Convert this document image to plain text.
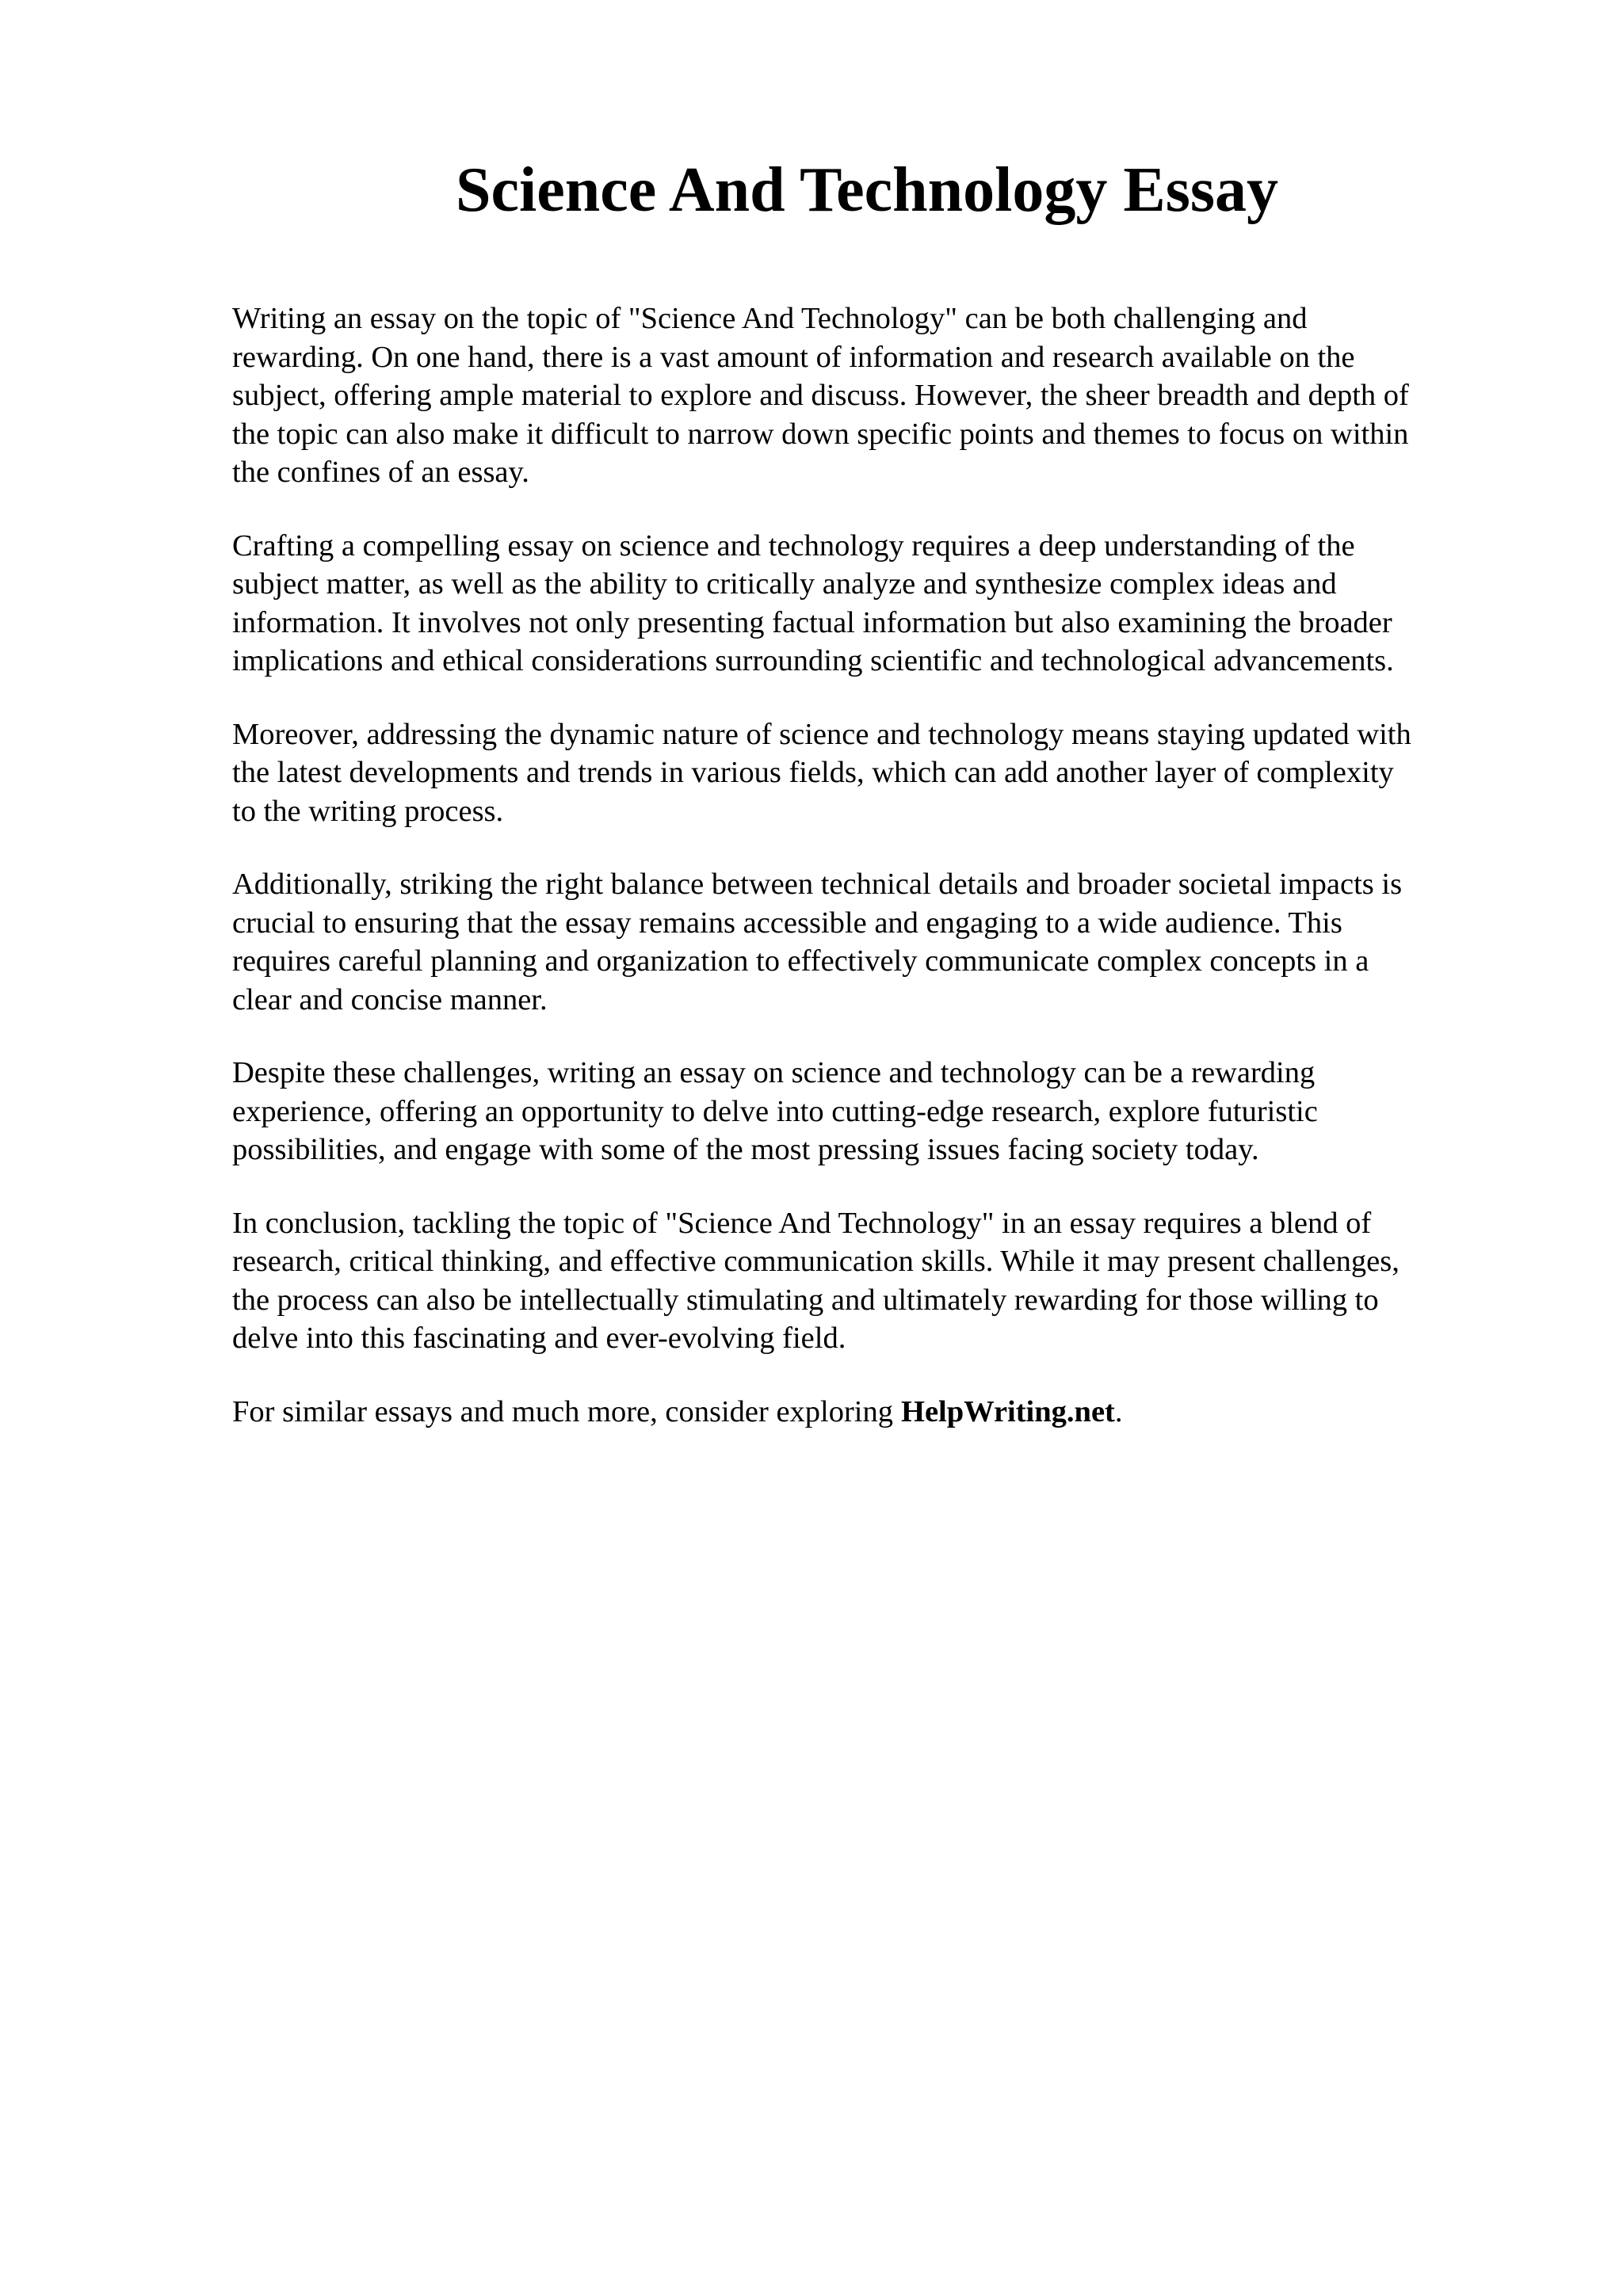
Science And Technology Essay

Writing an essay on the topic of "Science And Technology" can be both challenging and
rewarding. On one hand, there is a vast amount of information and research available on the
subject, offering ample material to explore and discuss. However, the sheer breadth and depth of
the topic can also make it difficult to narrow down specific points and themes to focus on within
the confines of an essay.

Crafting a compelling essay on science and technology requires a deep understanding of the
subject matter, as well as the ability to critically analyze and synthesize complex ideas and
information. It involves not only presenting factual information but also examining the broader
implications and ethical considerations surrounding scientific and technological advancements.

Moreover, addressing the dynamic nature of science and technology means staying updated with
the latest developments and trends in various fields, which can add another layer of complexity
to the writing process.

Additionally, striking the right balance between technical details and broader societal impacts is
crucial to ensuring that the essay remains accessible and engaging to a wide audience. This
requires careful planning and organization to effectively communicate complex concepts in a
clear and concise manner.

Despite these challenges, writing an essay on science and technology can be a rewarding
experience, offering an opportunity to delve into cutting-edge research, explore futuristic
possibilities, and engage with some of the most pressing issues facing society today.

In conclusion, tackling the topic of "Science And Technology" in an essay requires a blend of
research, critical thinking, and effective communication skills. While it may present challenges,
the process can also be intellectually stimulating and ultimately rewarding for those willing to
delve into this fascinating and ever-evolving field.

For similar essays and much more, consider exploring HelpWriting.net.
